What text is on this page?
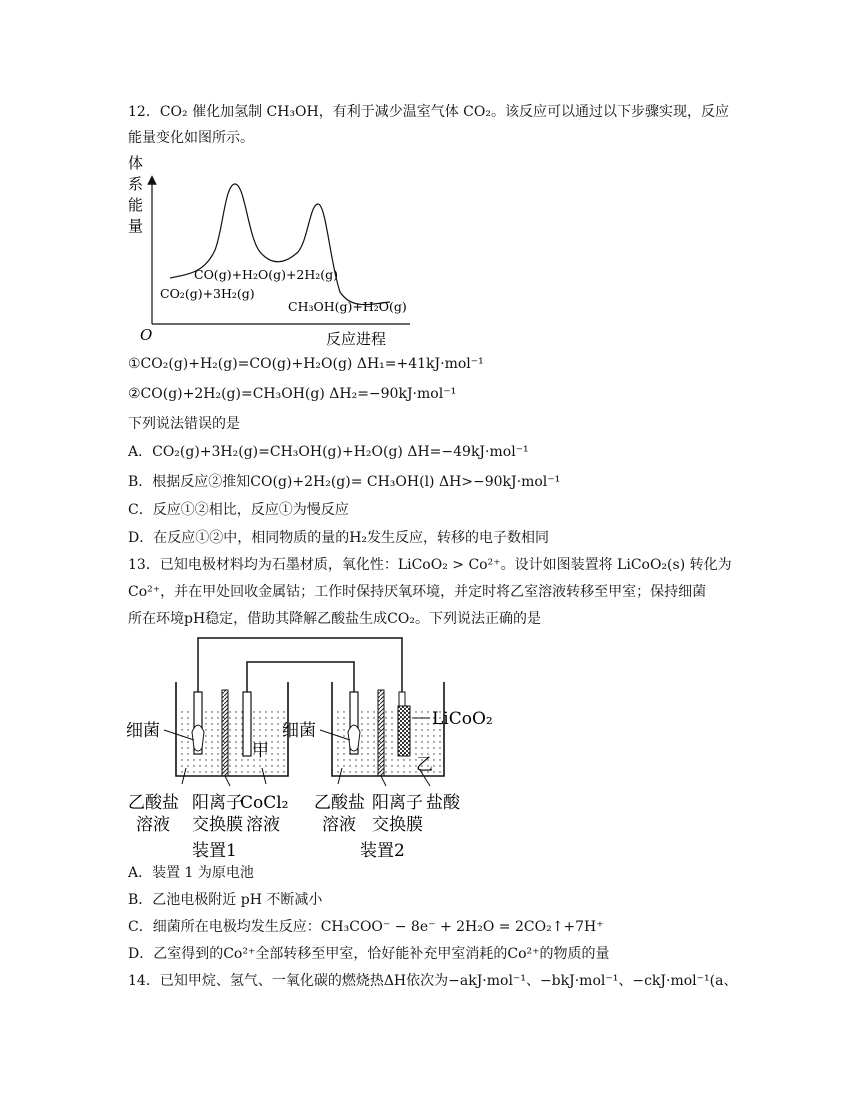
12．CO₂ 催化加氢制 CH₃OH，有利于减少温室气体 CO₂。该反应可以通过以下步骤实现，反应
能量变化如图所示。
体
系
能
量
O	反应进程
CO(g)+H₂O(g)+2H₂(g)
CO₂(g)+3H₂(g)
CH₃OH(g)+H₂O(g)
①CO₂(g)+H₂(g)=CO(g)+H₂O(g) ΔH₁=+41kJ·mol⁻¹
②CO(g)+2H₂(g)=CH₃OH(g) ΔH₂=−90kJ·mol⁻¹
下列说法错误的是
A．CO₂(g)+3H₂(g)=CH₃OH(g)+H₂O(g) ΔH=−49kJ·mol⁻¹
B．根据反应②推知CO(g)+2H₂(g)= CH₃OH(l) ΔH>−90kJ·mol⁻¹
C．反应①②相比，反应①为慢反应
D．在反应①②中，相同物质的量的H₂发生反应，转移的电子数相同
13．已知电极材料均为石墨材质，氧化性：LiCoO₂ > Co²⁺。设计如图装置将 LiCoO₂(s) 转化为
Co²⁺，并在甲处回收金属钴；工作时保持厌氧环境，并定时将乙室溶液转移至甲室；保持细菌
所在环境pH稳定，借助其降解乙酸盐生成CO₂。下列说法正确的是
细菌
甲
细菌
LiCoO₂
乙
乙酸盐
溶液
阳离子
交换膜
CoCl₂
溶液
乙酸盐
溶液
阳离子
交换膜
盐酸
装置1	装置2
A．装置 1 为原电池
B．乙池电极附近 pH 不断减小
C．细菌所在电极均发生反应：CH₃COO⁻ − 8e⁻ + 2H₂O = 2CO₂↑+7H⁺
D．乙室得到的Co²⁺全部转移至甲室，恰好能补充甲室消耗的Co²⁺的物质的量
14．已知甲烷、氢气、一氧化碳的燃烧热ΔH依次为−akJ·mol⁻¹、−bkJ·mol⁻¹、−ckJ·mol⁻¹(a、
